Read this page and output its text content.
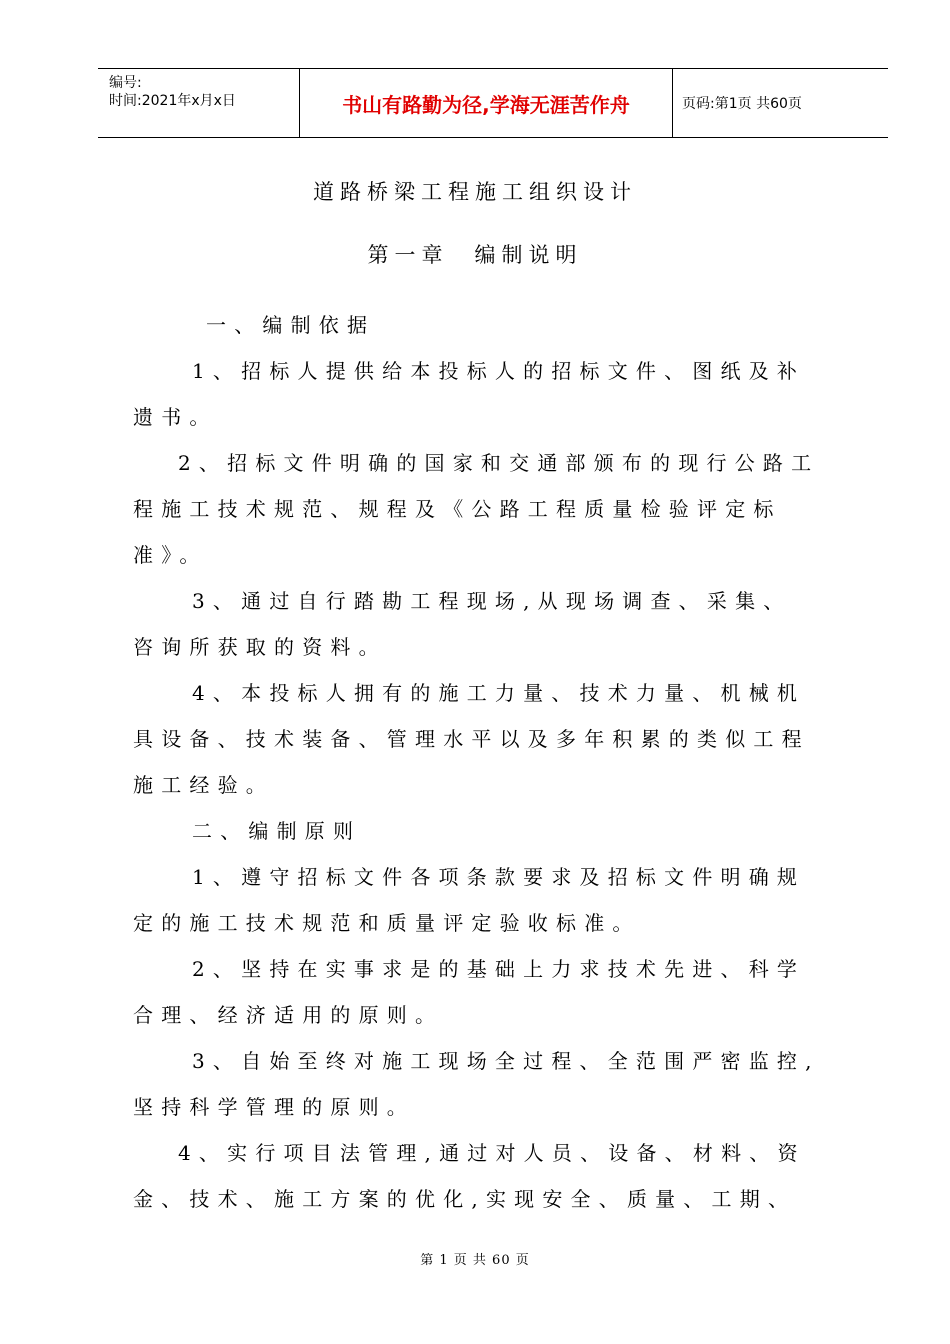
编号:
时间:2021年x月x日	书山有路勤为径,学海无涯苦作舟	页码:第1页 共60页
道路桥梁工程施工组织设计
第一章 编制说明
一、编制依据
1、招标人提供给本投标人的招标文件、图纸及补
遗书。
2、招标文件明确的国家和交通部颁布的现行公路工
程施工技术规范、规程及《公路工程质量检验评定标
准》。
3、通过自行踏勘工程现场,从现场调查、采集、
咨询所获取的资料。
4、本投标人拥有的施工力量、技术力量、机械机
具设备、技术装备、管理水平以及多年积累的类似工程
施工经验。
二、编制原则
1、遵守招标文件各项条款要求及招标文件明确规
定的施工技术规范和质量评定验收标准。
2、坚持在实事求是的基础上力求技术先进、科学
合理、经济适用的原则。
3、自始至终对施工现场全过程、全范围严密监控,
坚持科学管理的原则。
4、实行项目法管理,通过对人员、设备、材料、资
金、技术、施工方案的优化,实现安全、质量、工期、
第 1 页 共 60 页
